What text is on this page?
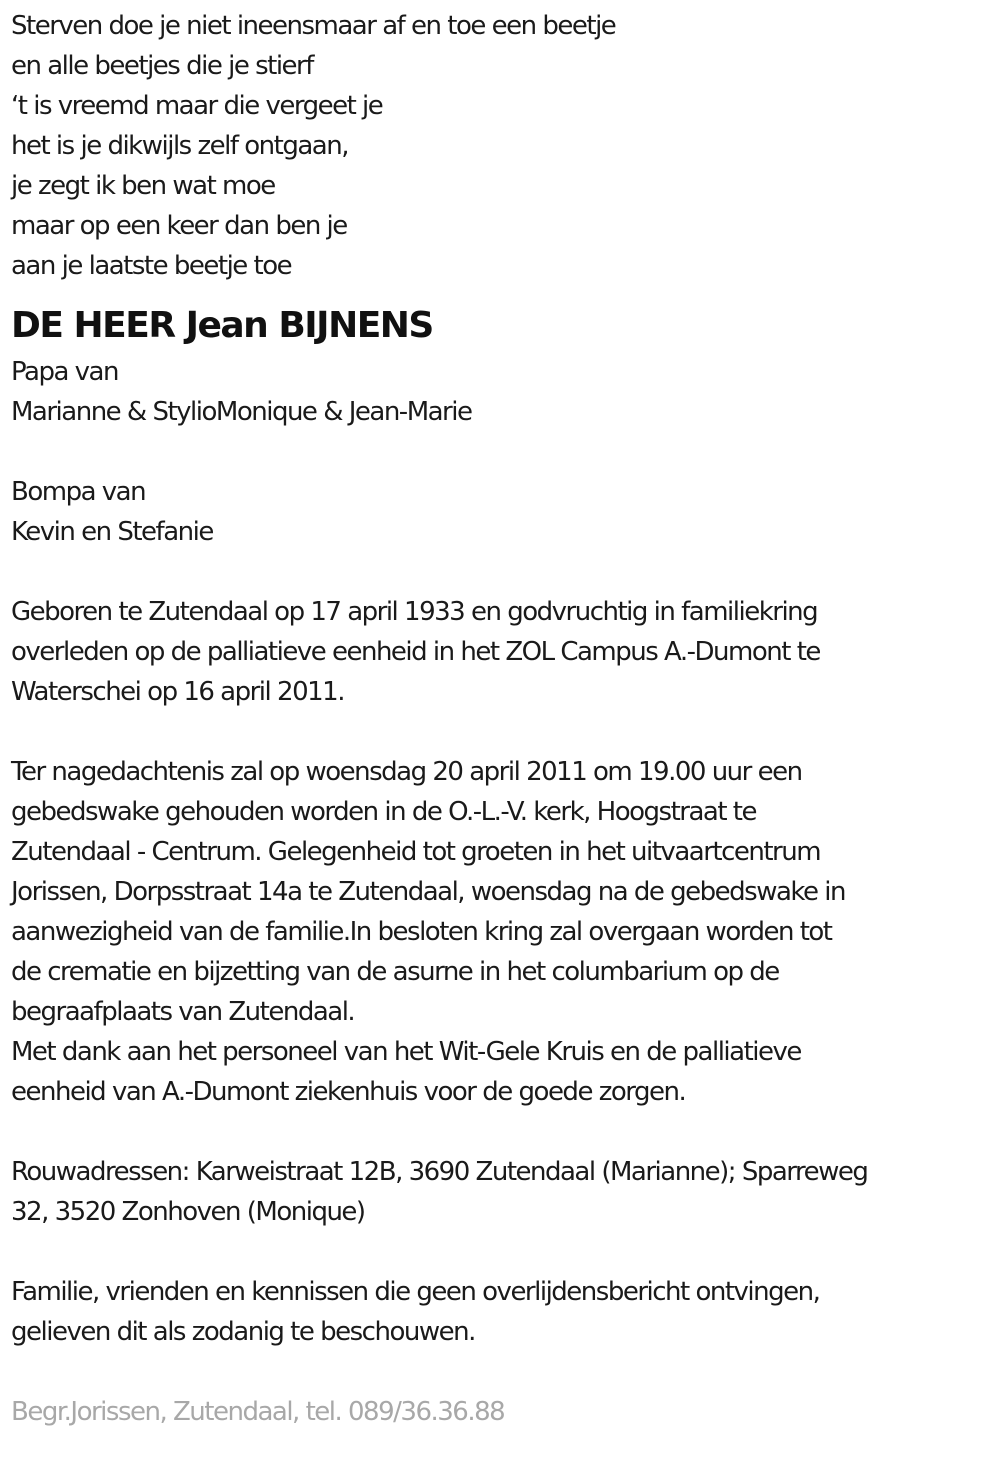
Sterven doe je niet ineensmaar af en toe een beetje
en alle beetjes die je stierf
‘t is vreemd maar die vergeet je
het is je dikwijls zelf ontgaan,
je zegt ik ben wat moe
maar op een keer dan ben je
aan je laatste beetje toe
DE HEER Jean BIJNENS
Papa van
Marianne & StylioMonique & Jean-Marie
Bompa van
Kevin en Stefanie
Geboren te Zutendaal op 17 april 1933 en godvruchtig in familiekring
overleden op de palliatieve eenheid in het ZOL Campus A.-Dumont te
Waterschei op 16 april 2011.
Ter nagedachtenis zal op woensdag 20 april 2011 om 19.00 uur een
gebedswake gehouden worden in de O.-L.-V. kerk, Hoogstraat te
Zutendaal - Centrum. Gelegenheid tot groeten in het uitvaartcentrum
Jorissen, Dorpsstraat 14a te Zutendaal, woensdag na de gebedswake in
aanwezigheid van de familie.In besloten kring zal overgaan worden tot
de crematie en bijzetting van de asurne in het columbarium op de
begraafplaats van Zutendaal.
Met dank aan het personeel van het Wit-Gele Kruis en de palliatieve
eenheid van A.-Dumont ziekenhuis voor de goede zorgen.
Rouwadressen: Karweistraat 12B, 3690 Zutendaal (Marianne); Sparreweg
32, 3520 Zonhoven (Monique)
Familie, vrienden en kennissen die geen overlijdensbericht ontvingen,
gelieven dit als zodanig te beschouwen.
Begr.Jorissen, Zutendaal, tel. 089/36.36.88
